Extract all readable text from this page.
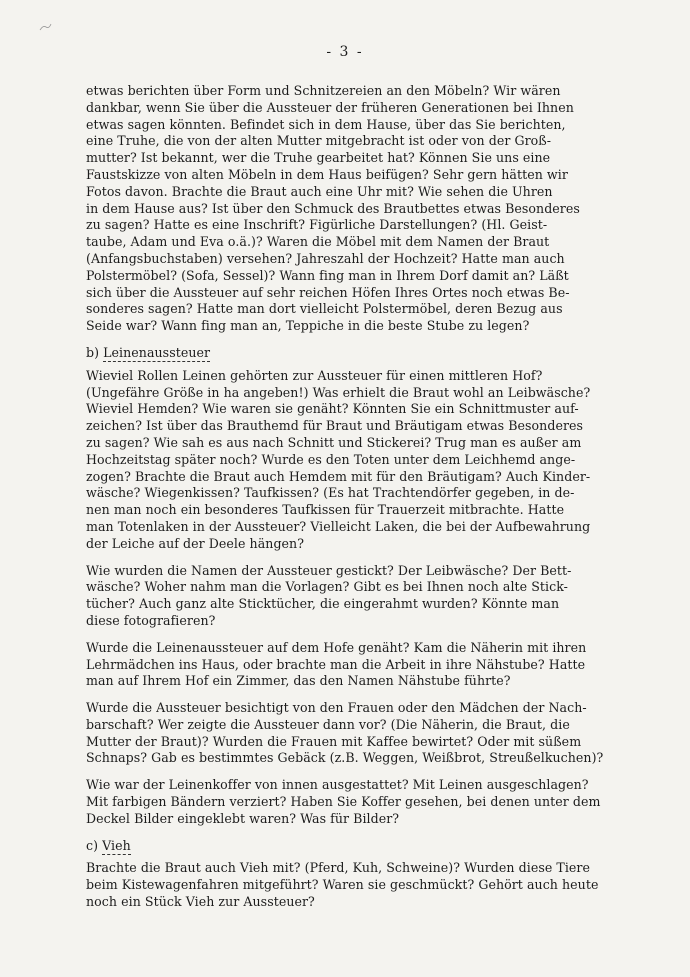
- 3 -

etwas berichten über Form und Schnitzereien an den Möbeln? Wir wären
dankbar, wenn Sie über die Aussteuer der früheren Generationen bei Ihnen
etwas sagen könnten. Befindet sich in dem Hause, über das Sie berichten,
eine Truhe, die von der alten Mutter mitgebracht ist oder von der Groß-
mutter? Ist bekannt, wer die Truhe gearbeitet hat? Können Sie uns eine
Faustskizze von alten Möbeln in dem Haus beifügen? Sehr gern hätten wir
Fotos davon. Brachte die Braut auch eine Uhr mit? Wie sehen die Uhren
in dem Hause aus? Ist über den Schmuck des Brautbettes etwas Besonderes
zu sagen? Hatte es eine Inschrift? Figürliche Darstellungen? (Hl. Geist-
taube, Adam und Eva o.ä.)? Waren die Möbel mit dem Namen der Braut
(Anfangsbuchstaben) versehen? Jahreszahl der Hochzeit? Hatte man auch
Polstermöbel? (Sofa, Sessel)? Wann fing man in Ihrem Dorf damit an? Läßt
sich über die Aussteuer auf sehr reichen Höfen Ihres Ortes noch etwas Be-
sonderes sagen? Hatte man dort vielleicht Polstermöbel, deren Bezug aus
Seide war? Wann fing man an, Teppiche in die beste Stube zu legen?

b) Leinenaussteuer

Wieviel Rollen Leinen gehörten zur Aussteuer für einen mittleren Hof?
(Ungefähre Größe in ha angeben!) Was erhielt die Braut wohl an Leibwäsche?
Wieviel Hemden? Wie waren sie genäht? Könnten Sie ein Schnittmuster auf-
zeichen? Ist über das Brauthemd für Braut und Bräutigam etwas Besonderes
zu sagen? Wie sah es aus nach Schnitt und Stickerei? Trug man es außer am
Hochzeitstag später noch? Wurde es den Toten unter dem Leichhemd ange-
zogen? Brachte die Braut auch Hemdem mit für den Bräutigam? Auch Kinder-
wäsche? Wiegenkissen? Taufkissen? (Es hat Trachtendörfer gegeben, in de-
nen man noch ein besonderes Taufkissen für Trauerzeit mitbrachte. Hatte
man Totenlaken in der Aussteuer? Vielleicht Laken, die bei der Aufbewahrung
der Leiche auf der Deele hängen?

Wie wurden die Namen der Aussteuer gestickt? Der Leibwäsche? Der Bett-
wäsche? Woher nahm man die Vorlagen? Gibt es bei Ihnen noch alte Stick-
tücher? Auch ganz alte Sticktücher, die eingerahmt wurden? Könnte man
diese fotografieren?

Wurde die Leinenaussteuer auf dem Hofe genäht? Kam die Näherin mit ihren
Lehrmädchen ins Haus, oder brachte man die Arbeit in ihre Nähstube? Hatte
man auf Ihrem Hof ein Zimmer, das den Namen Nähstube führte?

Wurde die Aussteuer besichtigt von den Frauen oder den Mädchen der Nach-
barschaft? Wer zeigte die Aussteuer dann vor? (Die Näherin, die Braut, die
Mutter der Braut)? Wurden die Frauen mit Kaffee bewirtet? Oder mit süßem
Schnaps? Gab es bestimmtes Gebäck (z.B. Weggen, Weißbrot, Streußelkuchen)?

Wie war der Leinenkoffer von innen ausgestattet? Mit Leinen ausgeschlagen?
Mit farbigen Bändern verziert? Haben Sie Koffer gesehen, bei denen unter dem
Deckel Bilder eingeklebt waren? Was für Bilder?

c) Vieh

Brachte die Braut auch Vieh mit? (Pferd, Kuh, Schweine)? Wurden diese Tiere
beim Kistewagenfahren mitgeführt? Waren sie geschmückt? Gehört auch heute
noch ein Stück Vieh zur Aussteuer?
